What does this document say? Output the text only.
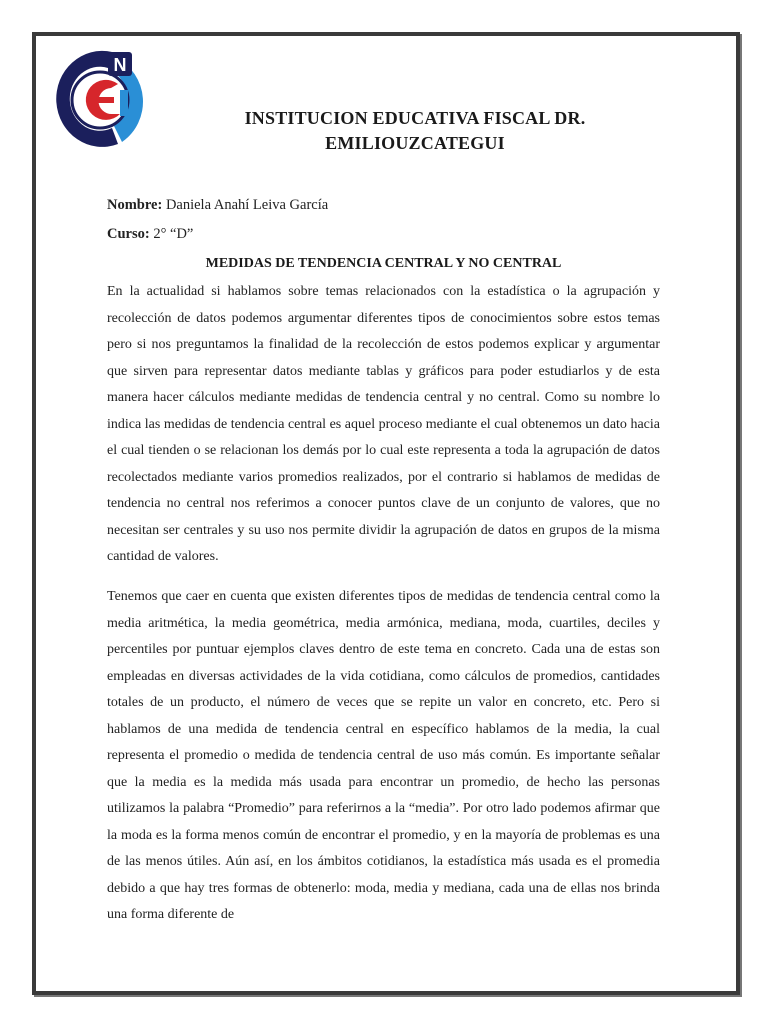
N
INSTITUCION EDUCATIVA FISCAL DR.
EMILIOUZCATEGUI
Nombre: Daniela Anahí Leiva García
Curso: 2° “D”
MEDIDAS DE TENDENCIA CENTRAL Y NO CENTRAL

En la actualidad si hablamos sobre temas relacionados con la estadística o la agrupación y recolección de datos podemos argumentar diferentes tipos de conocimientos sobre estos temas pero si nos preguntamos la finalidad de la recolección de estos podemos explicar y argumentar que sirven para representar datos mediante tablas y gráficos para poder estudiarlos y de esta manera hacer cálculos mediante medidas de tendencia central y no central. Como su nombre lo indica las medidas de tendencia central es aquel proceso mediante el cual obtenemos un dato hacia el cual tienden o se relacionan los demás por lo cual este representa a toda la agrupación de datos recolectados mediante varios promedios realizados, por el contrario si hablamos de medidas de tendencia no central nos referimos a conocer puntos clave de un conjunto de valores, que no necesitan ser centrales y su uso nos permite dividir la agrupación de datos en grupos de la misma cantidad de valores.

Tenemos que caer en cuenta que existen diferentes tipos de medidas de tendencia central como la media aritmética, la media geométrica, media armónica, mediana, moda, cuartiles, deciles y percentiles por puntuar ejemplos claves dentro de este tema en concreto. Cada una de estas son empleadas en diversas actividades de la vida cotidiana, como cálculos de promedios, cantidades totales de un producto, el número de veces que se repite un valor en concreto, etc. Pero si hablamos de una medida de tendencia central en específico hablamos de la media, la cual representa el promedio o medida de tendencia central de uso más común. Es importante señalar que la media es la medida más usada para encontrar un promedio, de hecho las personas utilizamos la palabra “Promedio” para referirnos a la “media”. Por otro lado podemos afirmar que la moda es la forma menos común de encontrar el promedio, y en la mayoría de problemas es una de las menos útiles. Aún así, en los ámbitos cotidianos, la estadística más usada es el promedia debido a que hay tres formas de obtenerlo: moda, media y mediana, cada una de ellas nos brinda una forma diferente de
